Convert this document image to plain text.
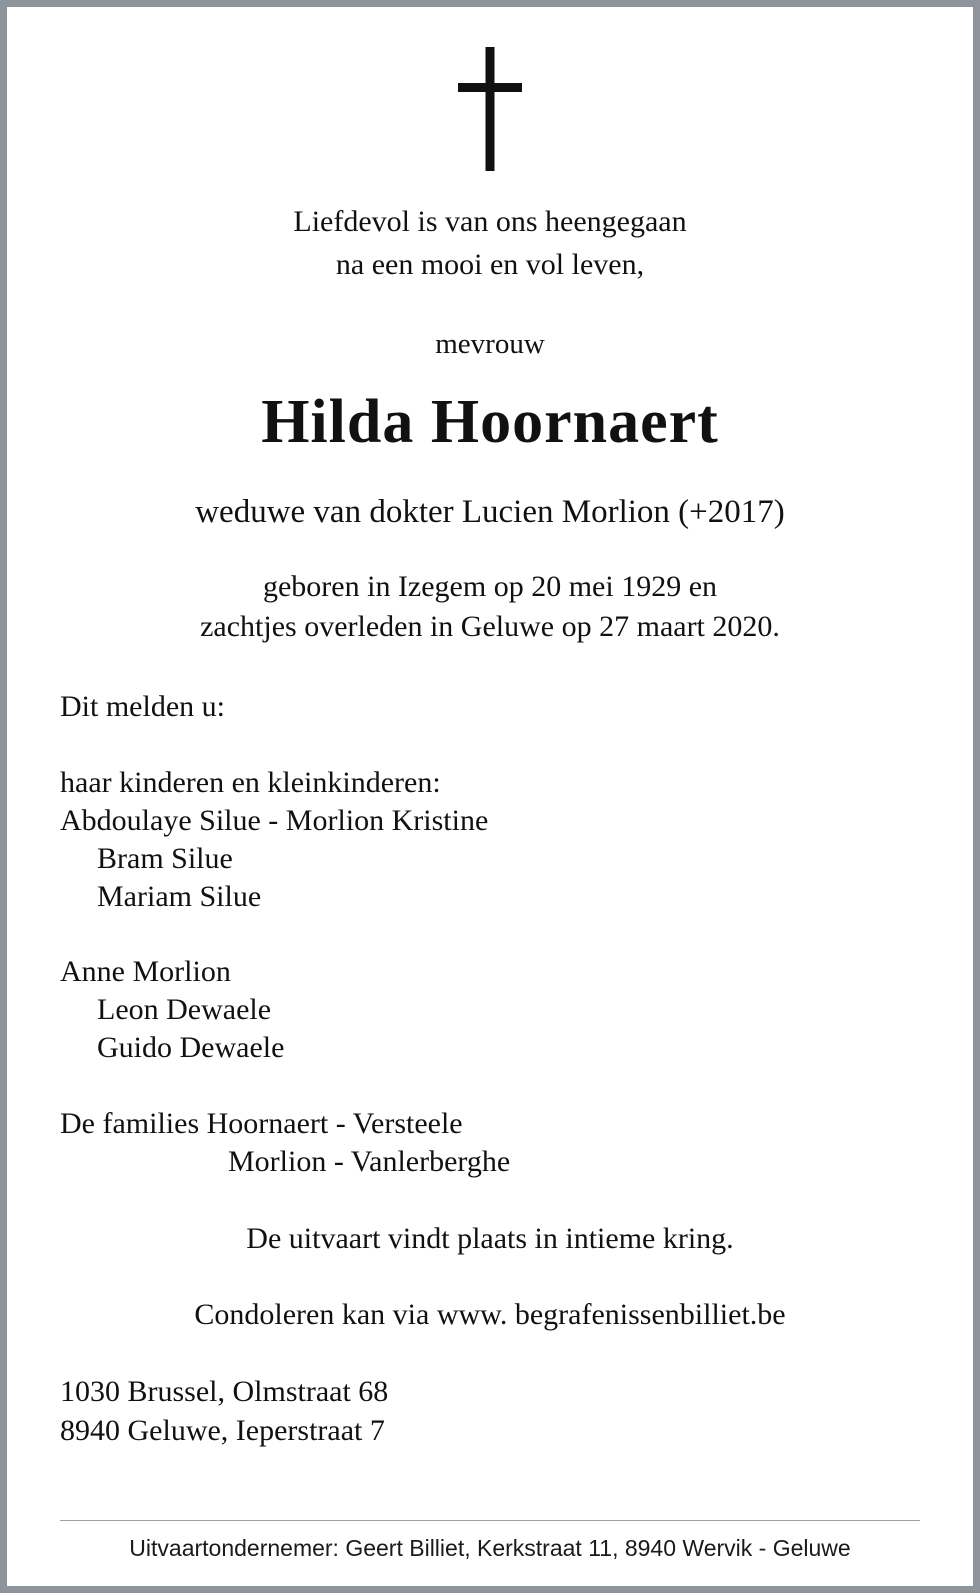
Liefdevol is van ons heengegaan
na een mooi en vol leven,
mevrouw
Hilda Hoornaert
weduwe van dokter Lucien Morlion (+2017)
geboren in Izegem op 20 mei 1929 en
zachtjes overleden in Geluwe op 27 maart 2020.
Dit melden u:
haar kinderen en kleinkinderen:
Abdoulaye Silue - Morlion Kristine
Bram Silue
Mariam Silue
Anne Morlion
Leon Dewaele
Guido Dewaele
De families Hoornaert - Versteele
Morlion - Vanlerberghe
De uitvaart vindt plaats in intieme kring.
Condoleren kan via www. begrafenissenbilliet.be
1030 Brussel, Olmstraat 68
8940 Geluwe, Ieperstraat 7
Uitvaartondernemer: Geert Billiet, Kerkstraat 11, 8940 Wervik - Geluwe
